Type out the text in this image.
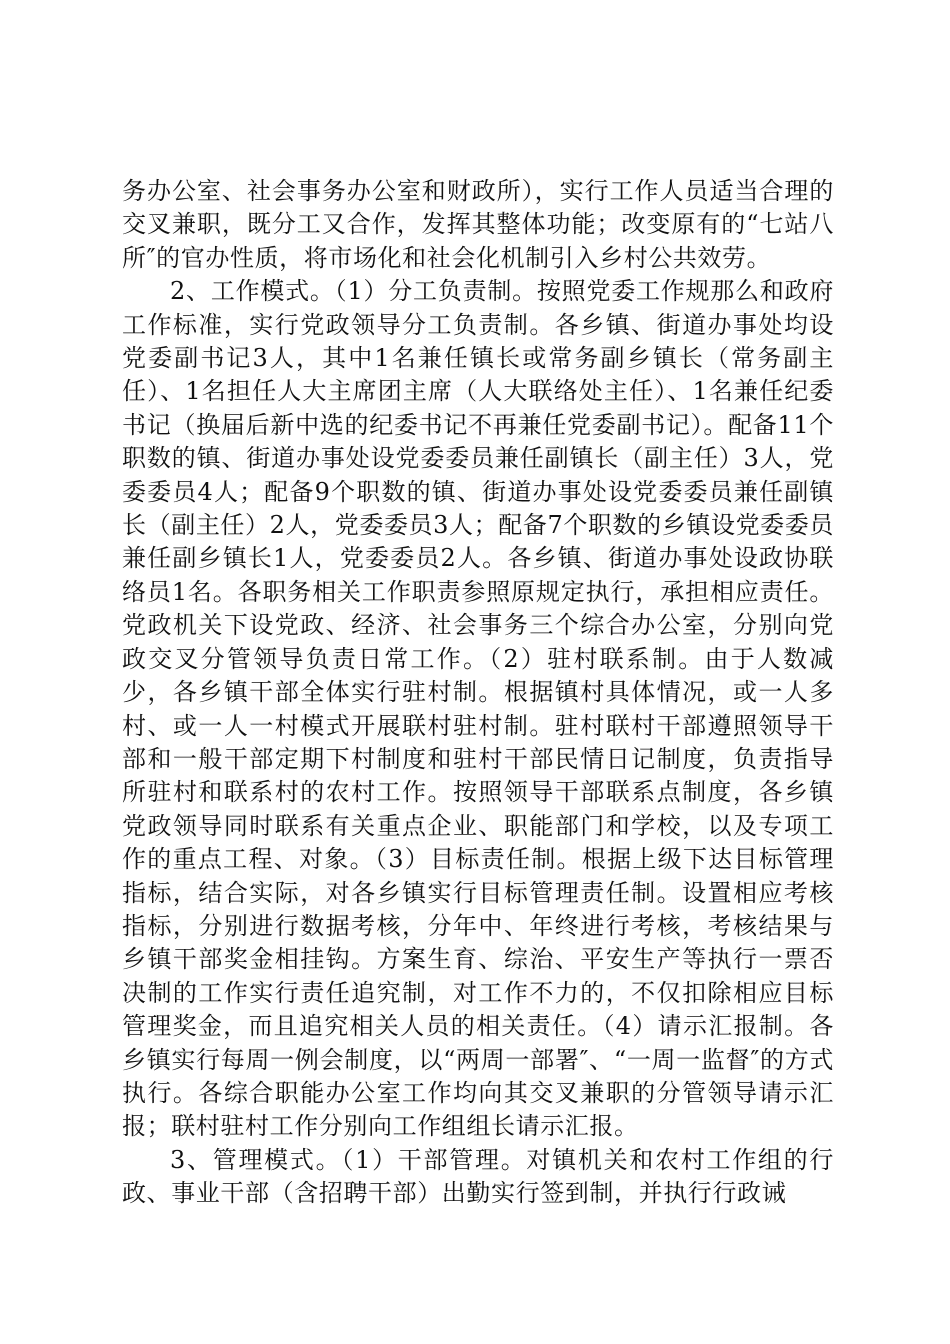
务办公室、社会事务办公室和财政所），实行工作人员适当合理的交叉兼职，既分工又合作，发挥其整体功能；改变原有的“七站八所″的官办性质，将市场化和社会化机制引入乡村公共效劳。

2、工作模式。（1）分工负责制。按照党委工作规那么和政府工作标准，实行党政领导分工负责制。各乡镇、街道办事处均设党委副书记3人，其中1名兼任镇长或常务副乡镇长（常务副主任）、1名担任人大主席团主席（人大联络处主任）、1名兼任纪委书记（换届后新中选的纪委书记不再兼任党委副书记）。配备11个职数的镇、街道办事处设党委委员兼任副镇长（副主任）3人，党委委员4人；配备9个职数的镇、街道办事处设党委委员兼任副镇长（副主任）2人，党委委员3人；配备7个职数的乡镇设党委委员兼任副乡镇长1人，党委委员2人。各乡镇、街道办事处设政协联络员1名。各职务相关工作职责参照原规定执行，承担相应责任。党政机关下设党政、经济、社会事务三个综合办公室，分别向党政交叉分管领导负责日常工作。（2）驻村联系制。由于人数减少，各乡镇干部全体实行驻村制。根据镇村具体情况，或一人多村、或一人一村模式开展联村驻村制。驻村联村干部遵照领导干部和一般干部定期下村制度和驻村干部民情日记制度，负责指导所驻村和联系村的农村工作。按照领导干部联系点制度，各乡镇党政领导同时联系有关重点企业、职能部门和学校，以及专项工作的重点工程、对象。（3）目标责任制。根据上级下达目标管理指标，结合实际，对各乡镇实行目标管理责任制。设置相应考核指标，分别进行数据考核，分年中、年终进行考核，考核结果与乡镇干部奖金相挂钩。方案生育、综治、平安生产等执行一票否决制的工作实行责任追究制，对工作不力的，不仅扣除相应目标管理奖金，而且追究相关人员的相关责任。（4）请示汇报制。各乡镇实行每周一例会制度，以“两周一部署″、“一周一监督″的方式执行。各综合职能办公室工作均向其交叉兼职的分管领导请示汇报；联村驻村工作分别向工作组组长请示汇报。

3、管理模式。（1）干部管理。对镇机关和农村工作组的行政、事业干部（含招聘干部）出勤实行签到制，并执行行政诫
